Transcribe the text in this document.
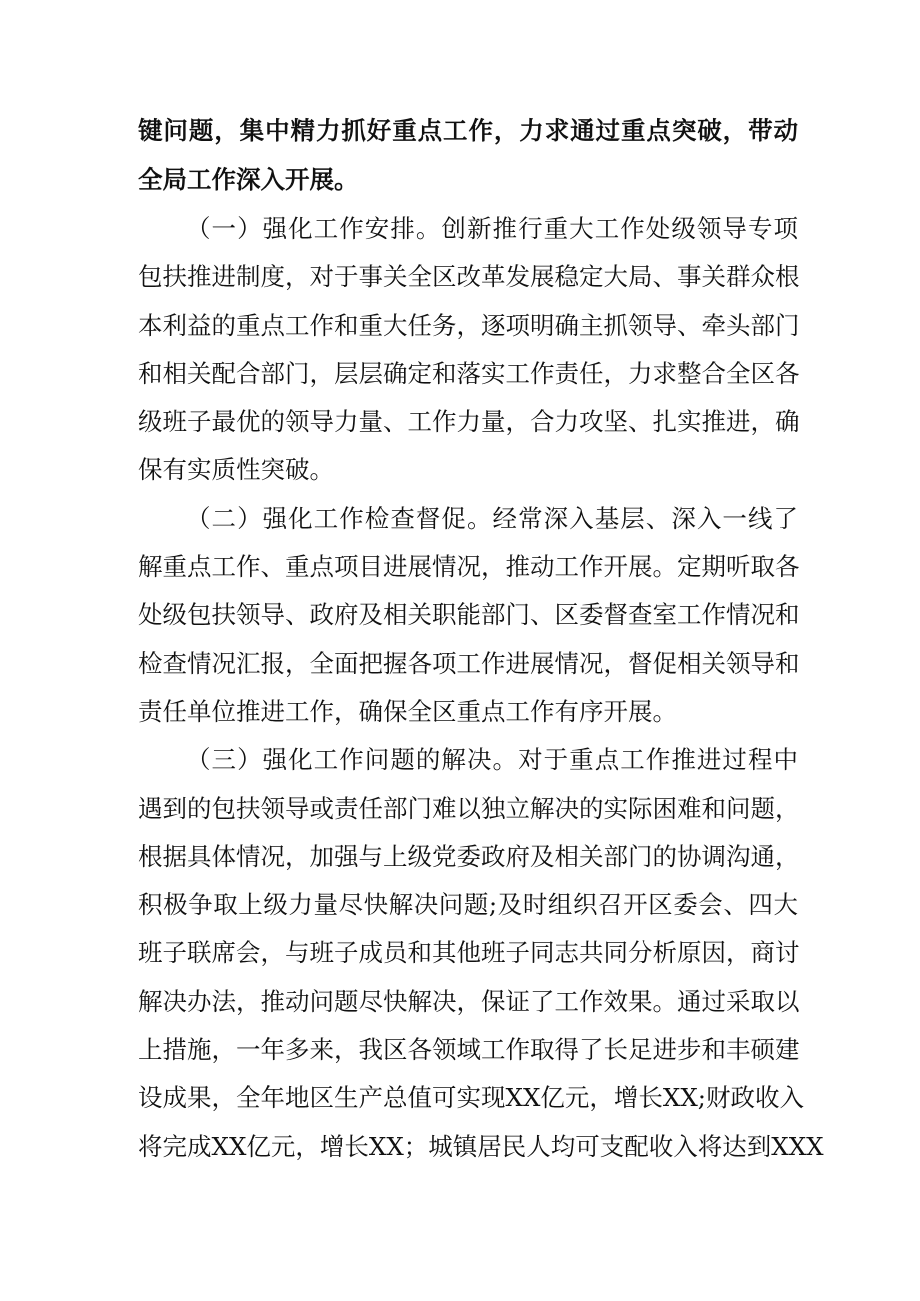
键问题，集中精力抓好重点工作，力求通过重点突破，带动
全局工作深入开展。
（一）强化工作安排。创新推行重大工作处级领导专项
包扶推进制度，对于事关全区改革发展稳定大局、事关群众根
本利益的重点工作和重大任务，逐项明确主抓领导、牵头部门
和相关配合部门，层层确定和落实工作责任，力求整合全区各
级班子最优的领导力量、工作力量，合力攻坚、扎实推进，确
保有实质性突破。
（二）强化工作检查督促。经常深入基层、深入一线了
解重点工作、重点项目进展情况，推动工作开展。定期听取各
处级包扶领导、政府及相关职能部门、区委督查室工作情况和
检查情况汇报，全面把握各项工作进展情况，督促相关领导和
责任单位推进工作，确保全区重点工作有序开展。
（三）强化工作问题的解决。对于重点工作推进过程中
遇到的包扶领导或责任部门难以独立解决的实际困难和问题，
根据具体情况，加强与上级党委政府及相关部门的协调沟通，
积极争取上级力量尽快解决问题;及时组织召开区委会、四大
班子联席会，与班子成员和其他班子同志共同分析原因，商讨
解决办法，推动问题尽快解决，保证了工作效果。通过采取以
上措施，一年多来，我区各领域工作取得了长足进步和丰硕建
设成果，全年地区生产总值可实现XX亿元，增长XX;财政收入
将完成XX亿元，增长XX；城镇居民人均可支配收入将达到XXX
